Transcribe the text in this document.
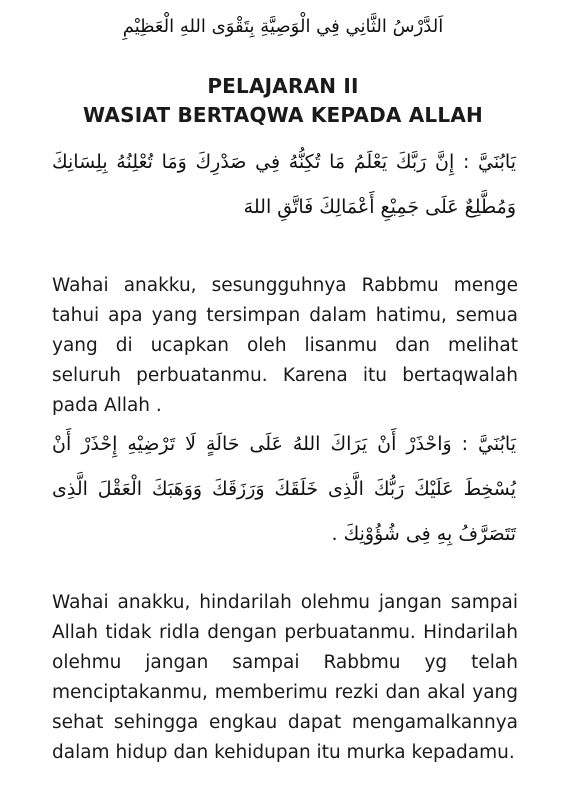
اَلدَّرْسُ الثَّانِي فِي الْوَصِيَّةِ بِتَقْوَى اللهِ الْعَظِيْمِ
PELAJARAN II
WASIAT BERTAQWA KEPADA ALLAH
يَابُنَيَّ : إِنَّ رَبَّكَ يَعْلَمُ مَا تُكِنُّهُ فِي صَدْرِكَ وَمَا تُعْلِنُهُ بِلِسَانِكَ وَمُطَّلِعٌ عَلَى جَمِيْعِ أَعْمَالِكَ فَاتَّقِ اللهَ

Wahai anakku, sesungguhnya Rabbmu menge tahui apa yang tersimpan dalam hatimu, semua yang di ucapkan oleh lisanmu dan melihat seluruh perbuatanmu. Karena itu bertaqwalah pada Allah .

يَابُنَيَّ : وَاحْذَرْ أَنْ يَرَاكَ اللهُ عَلَى حَالَةٍ لَا تَرْضِيْهِ إِحْذَرْ أَنْ يُسْخِطَ عَلَيْكَ رَبُّكَ الَّذِى خَلَقَكَ وَرَزَقَكَ وَوَهَبَكَ الْعَقْلَ الَّذِى تَتَصَرَّفُ بِهِ فِى شُؤُوْنِكَ .

Wahai anakku, hindarilah olehmu jangan sampai Allah tidak ridla dengan perbuatanmu. Hindarilah olehmu jangan sampai Rabbmu yg telah menciptakanmu, memberimu rezki dan akal yang sehat sehingga engkau dapat mengamalkannya dalam hidup dan kehidupan itu murka kepadamu.
